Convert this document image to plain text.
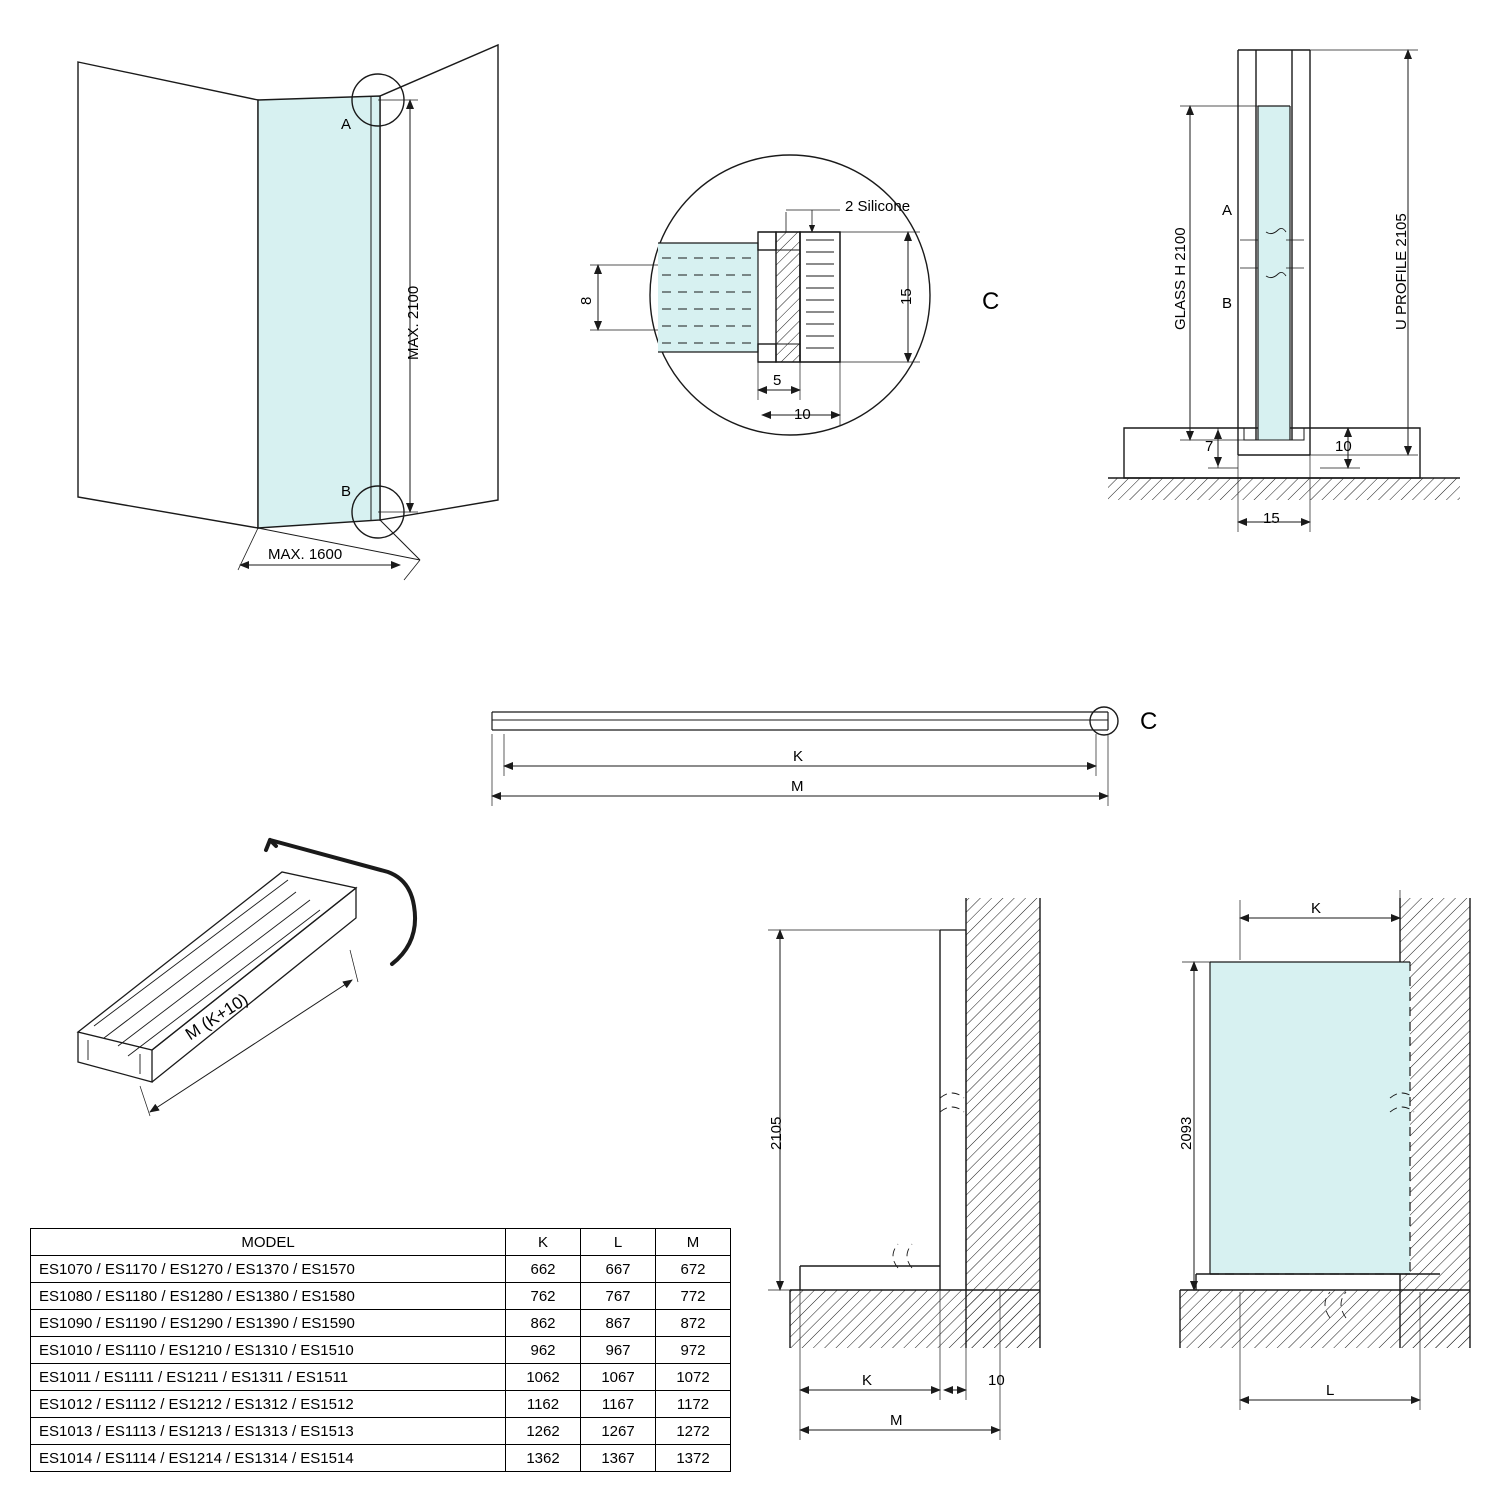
A
B
MAX. 2100
MAX. 1600
2 Silicone
8	15
5
10
C	GLASS H 2100	U PROFILE 2105
A
B
7	10
15
C
K
M
M (K+10)
2105
K	10
M
K
2093
L
MODEL	K	L	M
ES1070 / ES1170 / ES1270 / ES1370 / ES1570	662	667	672
ES1080 / ES1180 / ES1280 / ES1380 / ES1580	762	767	772
ES1090 / ES1190 / ES1290 / ES1390 / ES1590	862	867	872
ES1010 / ES1110 / ES1210 / ES1310 / ES1510	962	967	972
ES1011 / ES1111 / ES1211 / ES1311 / ES1511	1062	1067	1072
ES1012 / ES1112 / ES1212 / ES1312 / ES1512	1162	1167	1172
ES1013 / ES1113 / ES1213 / ES1313 / ES1513	1262	1267	1272
ES1014 / ES1114 / ES1214 / ES1314 / ES1514	1362	1367	1372
